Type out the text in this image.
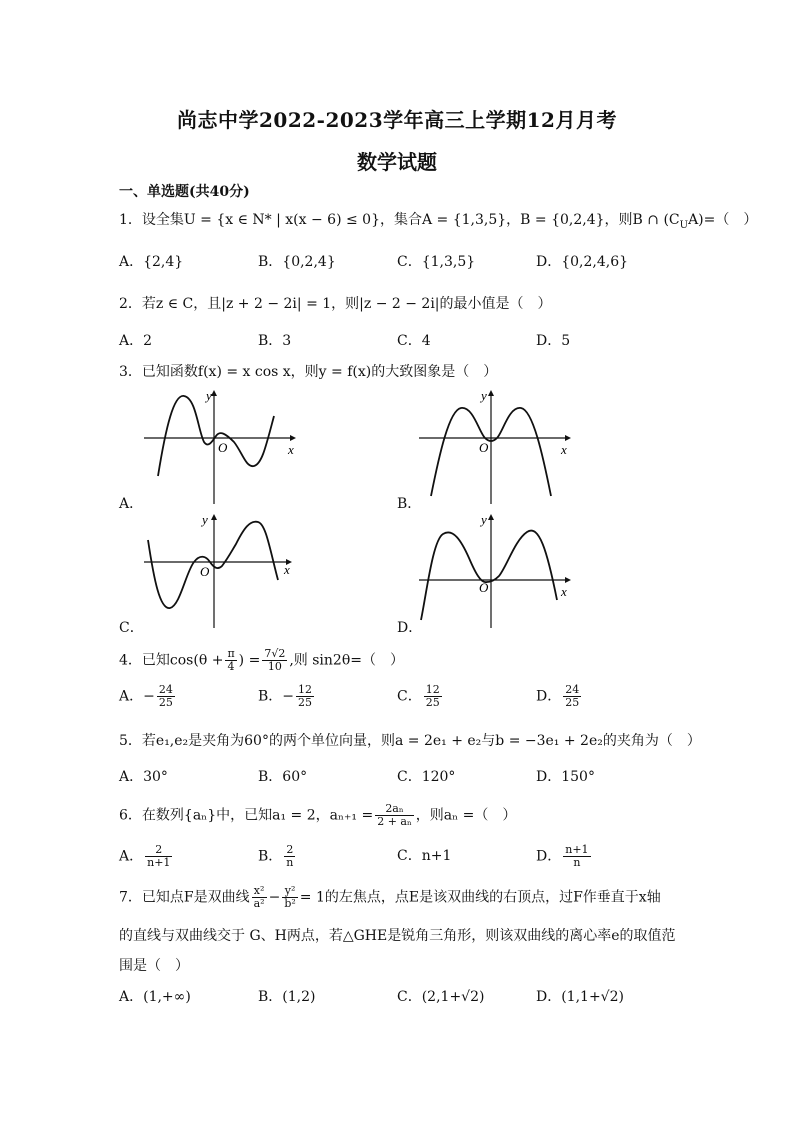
尚志中学2022-2023学年高三上学期12月月考
数学试题
一、单选题(共40分)
1．设全集U = {x ∈ N* | x(x − 6) ≤ 0}，集合A = {1,3,5}，B = {0,2,4}，则B ∩ $(C_UA)=$（　）
A．{2,4}	B．{0,2,4}	C．{1,3,5}	D．{0,2,4,6}
2．若z ∈ C，且|z + 2 − 2i| = 1，则|z − 2 − 2i|的最小值是（　）
A．2	B．3	C．4	D．5
3．已知函数f(x) = x cos x，则y = f(x)的大致图象是（　）
y
x
O
A．
y
x
O
B．
y
x
O
C．
y
x
O
D．
4．已知$\cos(\theta + \frac{\pi}{4}$ ) = $\frac{7√2}{10}$ ,则 sin2θ=（　）
A．− $\frac{24}{25}$	B．− $\frac{12}{25}$	C． $\frac{12}{25}$	D． $\frac{24}{25}$
5．若e₁,e₂是夹角为60°的两个单位向量，则a = 2e₁ + e₂与b = −3e₁ + 2e₂的夹角为（　）
A．30°	B．60°	C．120°	D．150°
6．在数列{aₙ}中，已知a₁ = 2，$a_{n+1} = \frac{\text{2aₙ}}{\text{2 + aₙ}}$ ，则aₙ =（　）
A． $\frac{2}{n+1}$	B． $\frac{2}{n}$	C．n+1	D． $\frac{n+1}{n}$
7．已知点F是双曲线 $\frac{\text{x²}}{\text{a²}} - \frac{\text{y²}}{\text{b²}} = 1$的左焦点，点E是该双曲线的右顶点，过F作垂直于x轴
的直线与双曲线交于 G、H两点，若△GHE是锐角三角形，则该双曲线的离心率e的取值范
围是（　）
A．(1,+∞)	B．(1,2)	C．(2,1+√2)	D．(1,1+√2)
